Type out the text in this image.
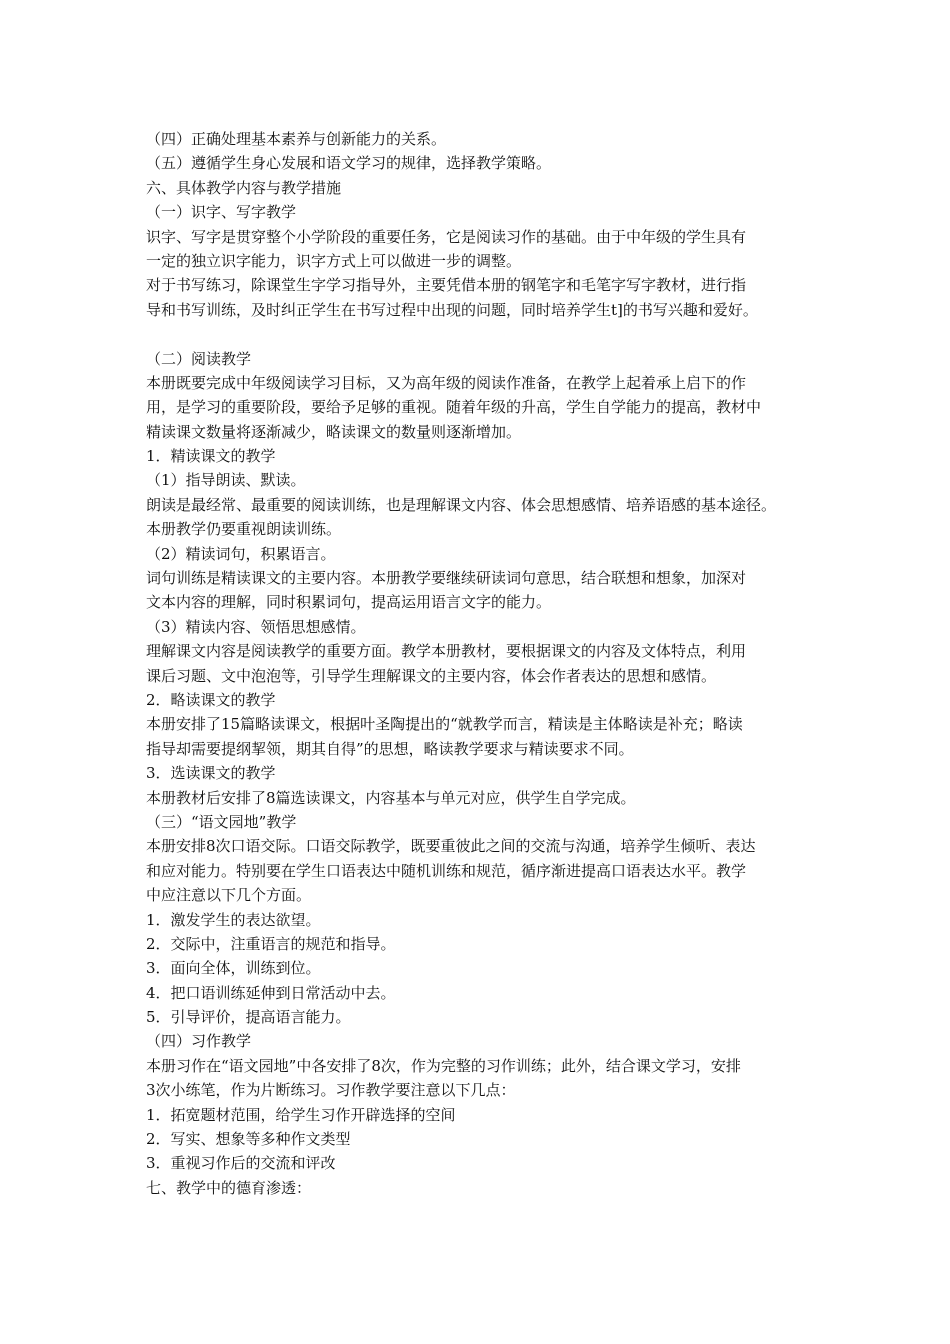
（四）正确处理基本素养与创新能力的关系。
（五）遵循学生身心发展和语文学习的规律，选择教学策略。
六、具体教学内容与教学措施
（一）识字、写字教学
识字、写字是贯穿整个小学阶段的重要任务，它是阅读习作的基础。由于中年级的学生具有
一定的独立识字能力，识字方式上可以做进一步的调整。
对于书写练习，除课堂生字学习指导外，主要凭借本册的钢笔字和毛笔字写字教材，进行指
导和书写训练，及时纠正学生在书写过程中出现的问题，同时培养学生t]的书写兴趣和爱好。
（二）阅读教学
本册既要完成中年级阅读学习目标，又为高年级的阅读作准备，在教学上起着承上启下的作
用，是学习的重要阶段，要给予足够的重视。随着年级的升高，学生自学能力的提高，教材中
精读课文数量将逐渐减少，略读课文的数量则逐渐增加。
1．精读课文的教学
（1）指导朗读、默读。
朗读是最经常、最重要的阅读训练，也是理解课文内容、体会思想感情、培养语感的基本途径。
本册教学仍要重视朗读训练。
（2）精读词句，积累语言。
词句训练是精读课文的主要内容。本册教学要继续研读词句意思，结合联想和想象，加深对
文本内容的理解，同时积累词句，提高运用语言文字的能力。
（3）精读内容、领悟思想感情。
理解课文内容是阅读教学的重要方面。教学本册教材，要根据课文的内容及文体特点，利用
课后习题、文中泡泡等，引导学生理解课文的主要内容，体会作者表达的思想和感情。
2．略读课文的教学
本册安排了15篇略读课文，根据叶圣陶提出的“就教学而言，精读是主体略读是补充；略读
指导却需要提纲挈领，期其自得”的思想，略读教学要求与精读要求不同。
3．选读课文的教学
本册教材后安排了8篇选读课文，内容基本与单元对应，供学生自学完成。
（三）“语文园地”教学
本册安排8次口语交际。口语交际教学，既要重彼此之间的交流与沟通，培养学生倾听、表达
和应对能力。特别要在学生口语表达中随机训练和规范，循序渐进提高口语表达水平。教学
中应注意以下几个方面。
1．激发学生的表达欲望。
2．交际中，注重语言的规范和指导。
3．面向全体，训练到位。
4．把口语训练延伸到日常活动中去。
5．引导评价，提高语言能力。
（四）习作教学
本册习作在“语文园地”中各安排了8次，作为完整的习作训练；此外，结合课文学习，安排
3次小练笔，作为片断练习。习作教学要注意以下几点：
1．拓宽题材范围，给学生习作开辟选择的空间
2．写实、想象等多种作文类型
3．重视习作后的交流和评改
七、教学中的德育渗透：
